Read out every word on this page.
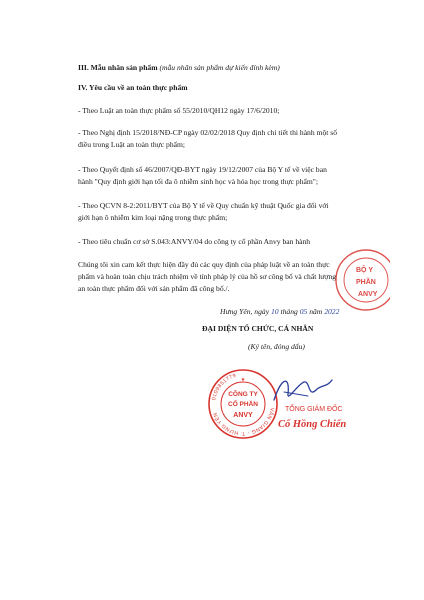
III. Mẫu nhãn sản phẩm (mẫu nhãn sản phẩm dự kiến đính kèm)
IV. Yêu cầu về an toàn thực phẩm
- Theo Luật an toàn thực phẩm số 55/2010/QH12 ngày 17/6/2010;
- Theo Nghị định 15/2018/NĐ-CP ngày 02/02/2018 Quy định chi tiết thi hành một số
điều trong Luật an toàn thực phẩm;
- Theo Quyết định số 46/2007/QĐ-BYT ngày 19/12/2007 của Bộ Y tế về việc ban
hành "Quy định giới hạn tối đa ô nhiễm sinh học và hóa học trong thực phẩm";
- Theo QCVN 8-2:2011/BYT của Bộ Y tế về Quy chuẩn kỹ thuật Quốc gia đối với
giới hạn ô nhiễm kim loại nặng trong thực phẩm;
- Theo tiêu chuẩn cơ sở S.043:ANVY/04 do công ty cổ phần Anvy ban hành
Chúng tôi xin cam kết thực hiện đầy đủ các quy định của pháp luật về an toàn thực
phẩm và hoàn toàn chịu trách nhiệm về tính pháp lý của hồ sơ công bố và chất lượng
an toàn thực phẩm đối với sản phẩm đã công bố./.
BỘ Y
PHẦN
ANVY
Hưng Yên, ngày 10 tháng 05 năm 2022
ĐẠI DIỆN TỔ CHỨC, CÁ NHÂN
(Ký tên, đóng dấu)
0109851779
VĂN GIANG - T. HƯNG YÊN
CÔNG TY
CỔ PHẦN
ANVY
★
TỔNG GIÁM ĐỐC
Cổ Hồng Chiến
